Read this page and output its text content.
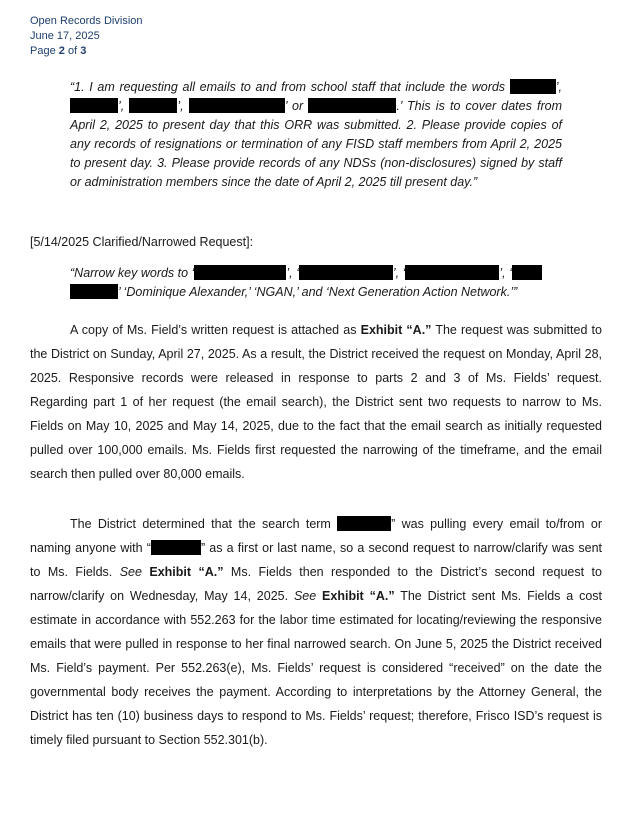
Open Records Division
June 17, 2025
Page 2 of 3
“1. I am requesting all emails to and from school staff that include the words	’, ’,	’,	’ or	.’ This is to cover dates from April 2, 2025 to present day that this ORR was submitted. 2. Please provide copies of any records of resignations or termination of any FISD staff members from April 2, 2025 to present day. 3. Please provide records of any NDSs (non-disclosures) signed by staff or administration members since the date of April 2, 2025 till present day.”
[5/14/2025 Clarified/Narrowed Request]:
“Narrow key words to ‘	’, ‘	’, ‘	’, ‘
’ ‘Dominique Alexander,’ ‘NGAN,’ and ‘Next Generation Action Network.’”
A copy of Ms. Field’s written request is attached as Exhibit “A.” The request was submitted to the District on Sunday, April 27, 2025. As a result, the District received the request on Monday, April 28, 2025. Responsive records were released in response to parts 2 and 3 of Ms. Fields’ request. Regarding part 1 of her request (the email search), the District sent two requests to narrow to Ms. Fields on May 10, 2025 and May 14, 2025, due to the fact that the email search as initially requested pulled over 100,000 emails. Ms. Fields first requested the narrowing of the timeframe, and the email search then pulled over 80,000 emails.
The District determined that the search term	” was pulling every email to/from or naming anyone with “	” as a first or last name, so a second request to narrow/clarify was sent to Ms. Fields. See Exhibit “A.” Ms. Fields then responded to the District’s second request to narrow/clarify on Wednesday, May 14, 2025. See Exhibit “A.” The District sent Ms. Fields a cost estimate in accordance with 552.263 for the labor time estimated for locating/reviewing the responsive emails that were pulled in response to her final narrowed search. On June 5, 2025 the District received Ms. Field’s payment. Per 552.263(e), Ms. Fields’ request is considered “received” on the date the governmental body receives the payment. According to interpretations by the Attorney General, the District has ten (10) business days to respond to Ms. Fields’ request; therefore, Frisco ISD’s request is timely filed pursuant to Section 552.301(b).
